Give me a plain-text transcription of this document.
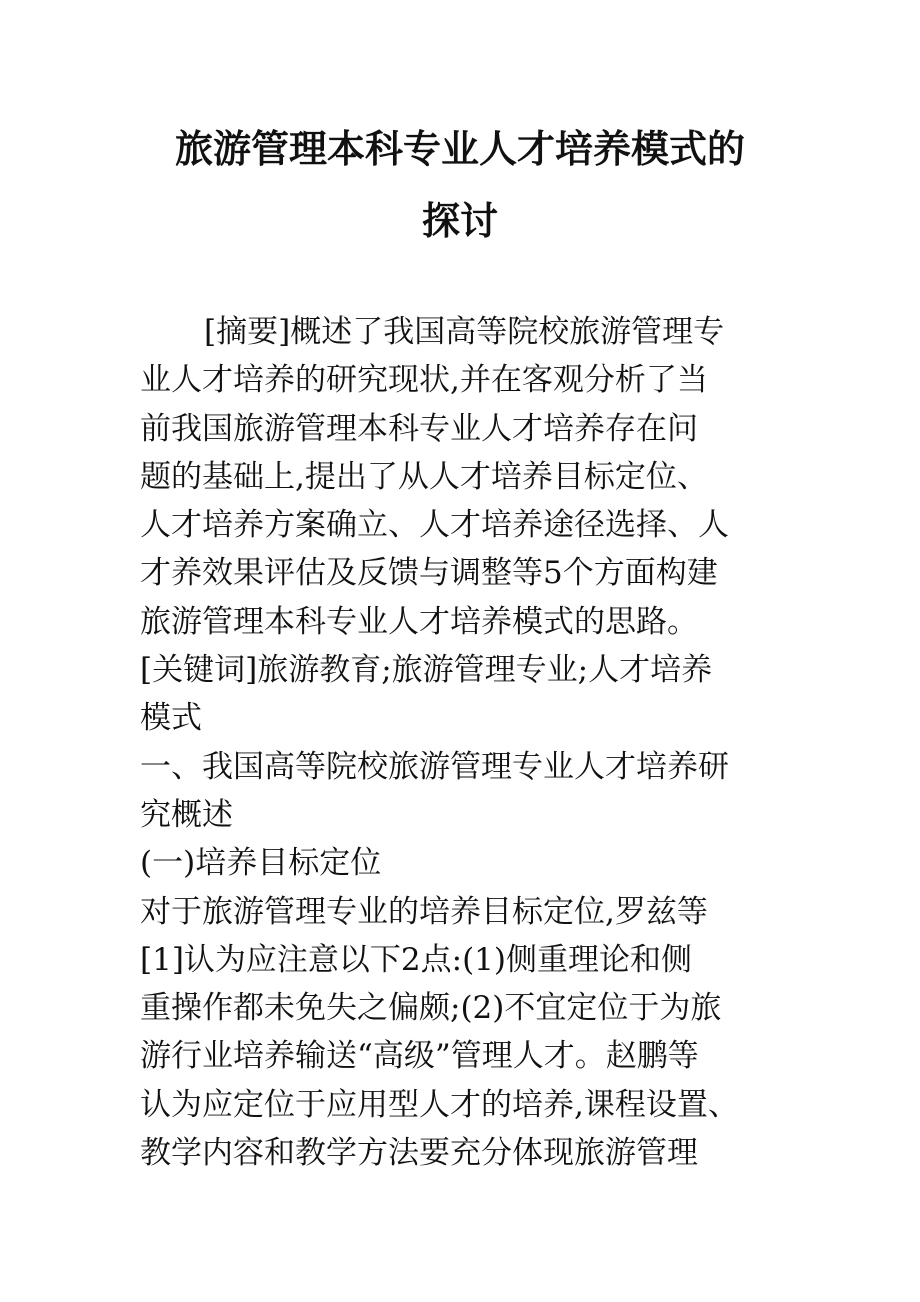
旅游管理本科专业人才培养模式的
探讨

[摘要]概述了我国高等院校旅游管理专

业人才培养的研究现状,并在客观分析了当

前我国旅游管理本科专业人才培养存在问

题的基础上,提出了从人才培养目标定位、

人才培养方案确立、人才培养途径选择、人

才养效果评估及反馈与调整等5个方面构建

旅游管理本科专业人才培养模式的思路。

[关键词]旅游教育;旅游管理专业;人才培养

模式

一、我国高等院校旅游管理专业人才培养研

究概述

(一)培养目标定位

对于旅游管理专业的培养目标定位,罗兹等

[1]认为应注意以下2点:(1)侧重理论和侧

重操作都未免失之偏颇;(2)不宜定位于为旅

游行业培养输送“高级”管理人才。赵鹏等

认为应定位于应用型人才的培养,课程设置、

教学内容和教学方法要充分体现旅游管理
